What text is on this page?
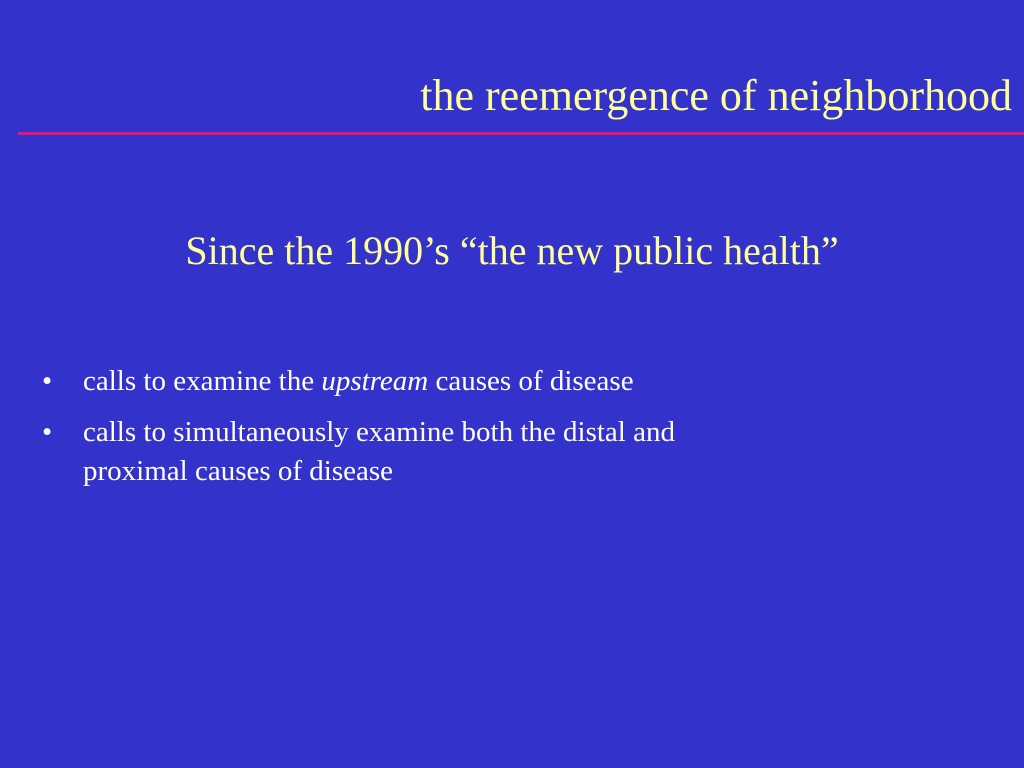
the reemergence of neighborhood
Since the 1990’s “the new public health”
• calls to examine the upstream causes of disease
• calls to simultaneously examine both the distal and
proximal causes of disease
